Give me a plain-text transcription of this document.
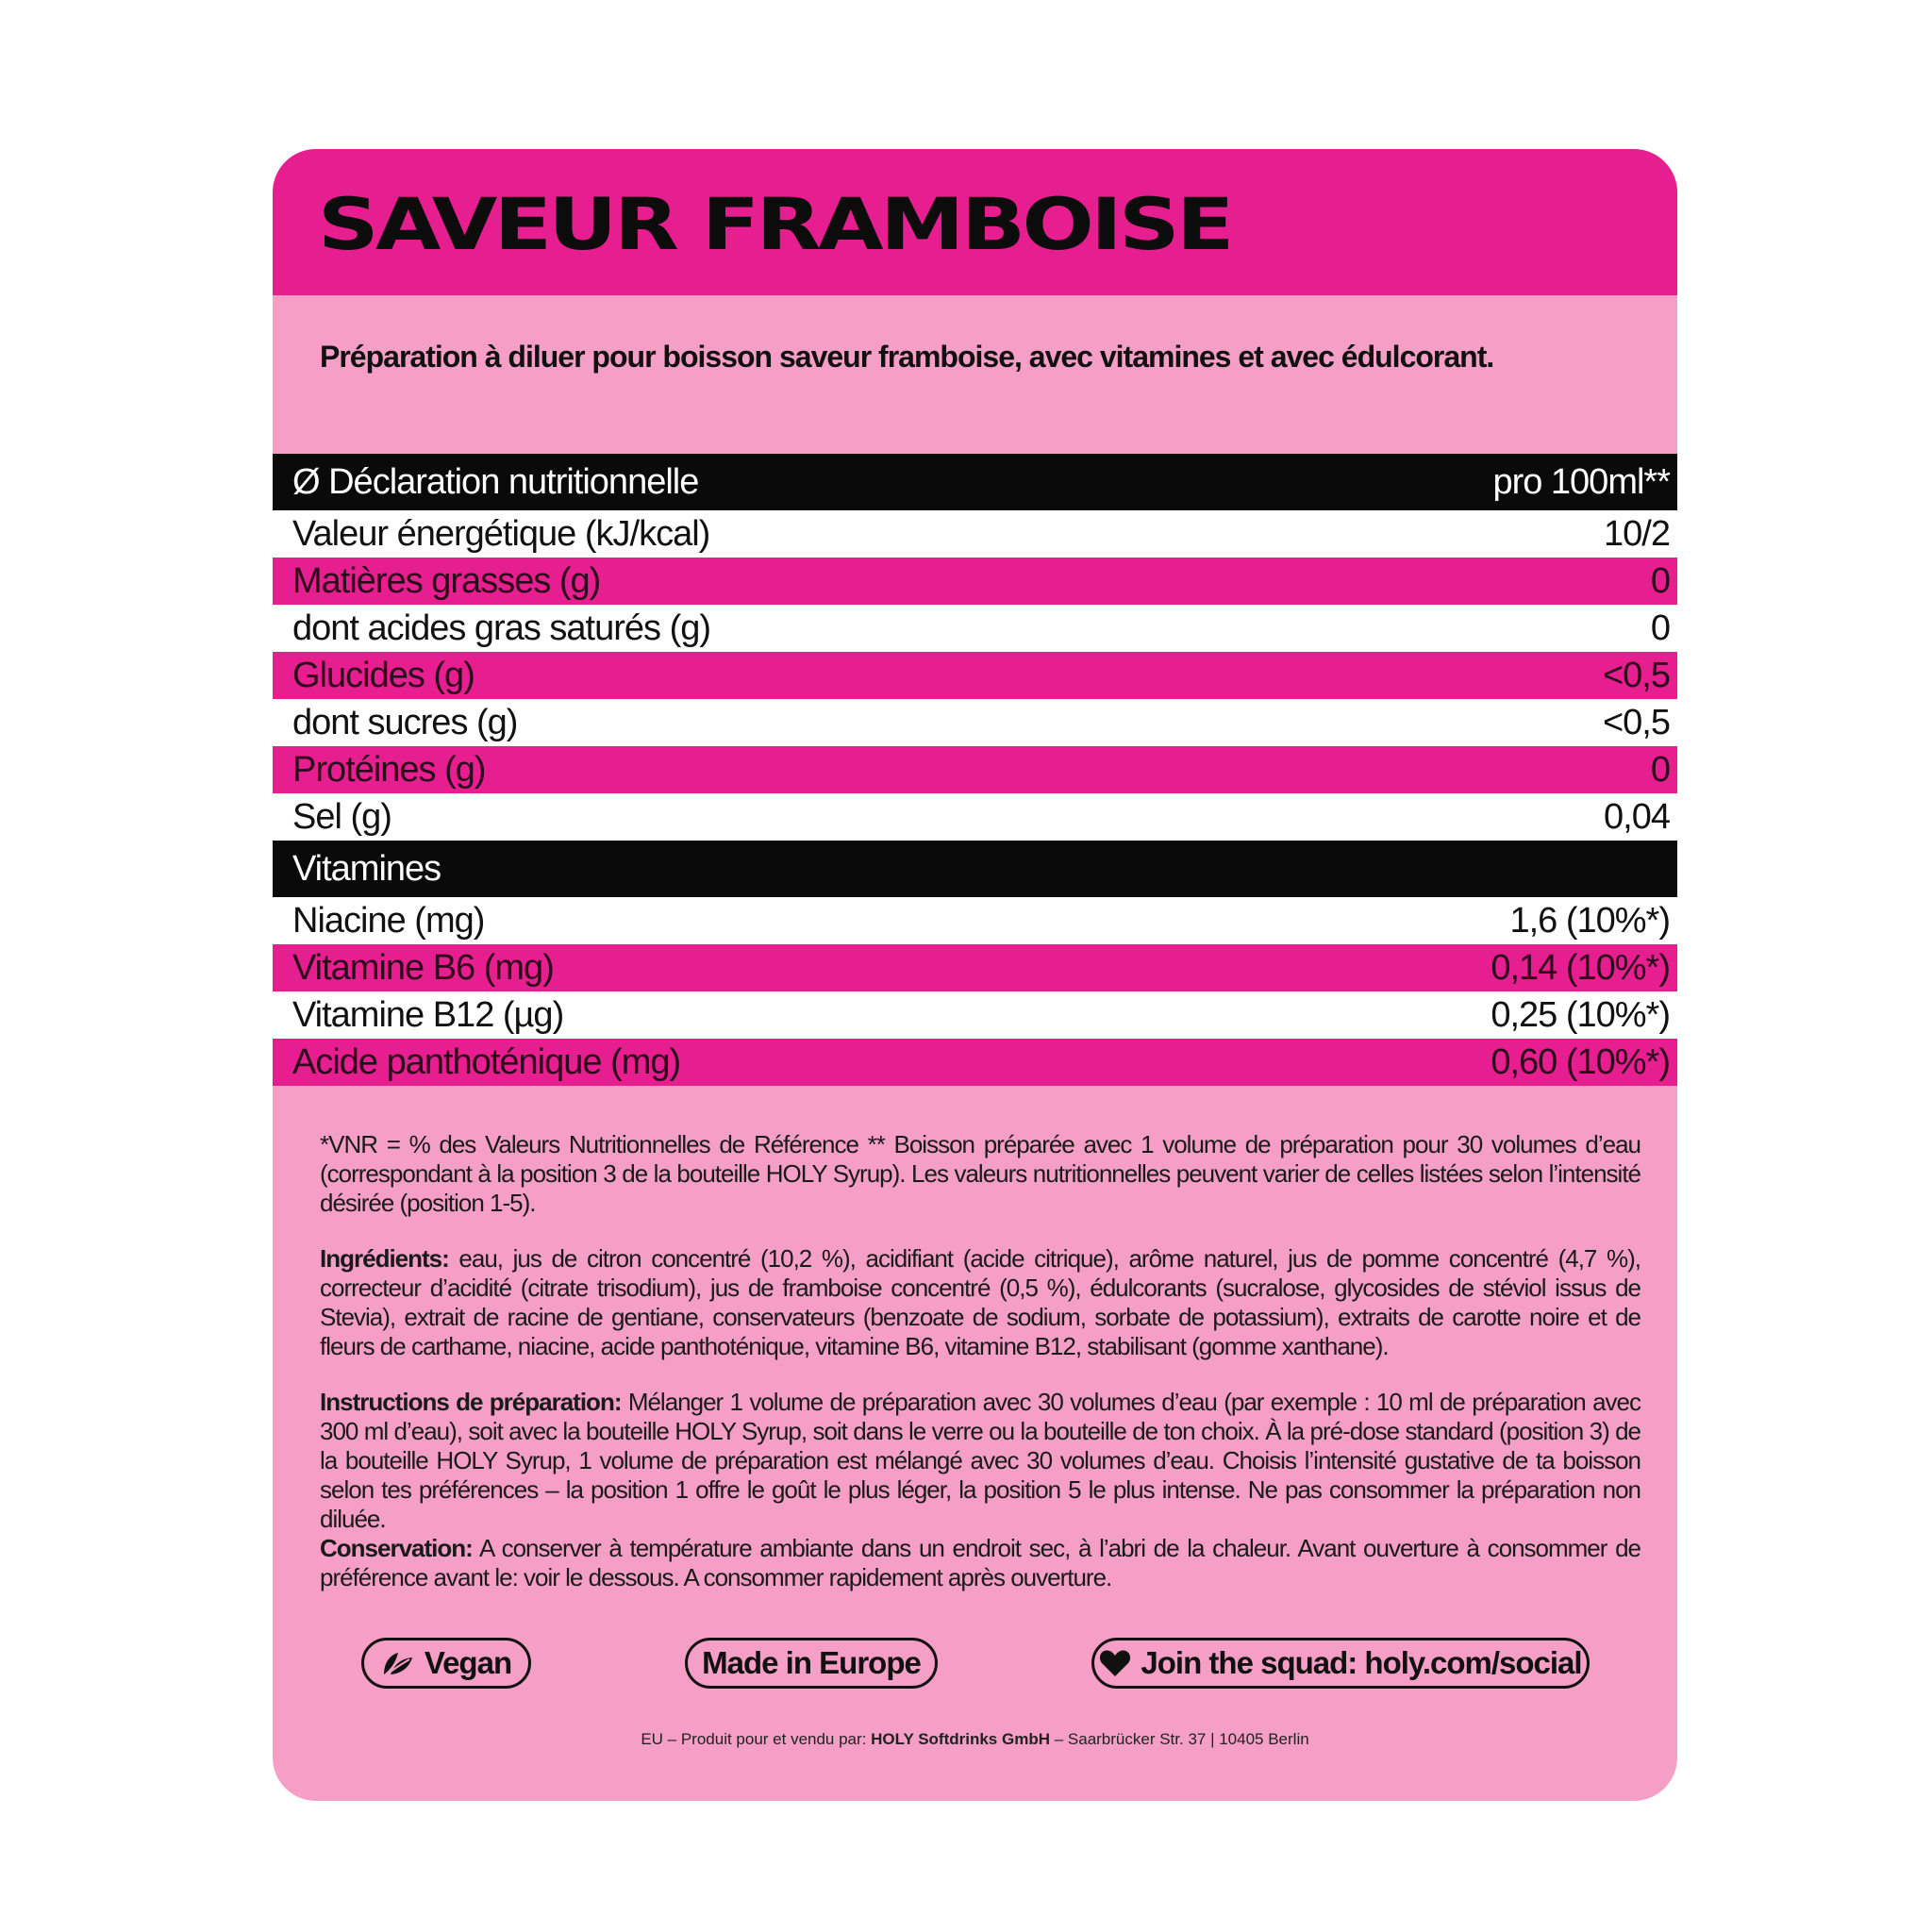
SAVEUR FRAMBOISE

Préparation à diluer pour boisson saveur framboise, avec vitamines et avec édulcorant.

Ø Déclaration nutritionnelle	pro 100ml**
Valeur énergétique (kJ/kcal)	10/2
Matières grasses (g)	0
dont acides gras saturés (g)	0
Glucides (g)	<0,5
dont sucres (g)	<0,5
Protéines (g)	0
Sel (g)	0,04
Vitamines
Niacine (mg)	1,6 (10%*)
Vitamine B6 (mg)	0,14 (10%*)
Vitamine B12 (µg)	0,25 (10%*)
Acide panthoténique (mg)	0,60 (10%*)

*VNR = % des Valeurs Nutritionnelles de Référence ** Boisson préparée avec 1 volume de préparation pour 30 volumes d’eau (correspondant à la position 3 de la bouteille HOLY Syrup). Les valeurs nutritionnelles peuvent varier de celles listées selon l’intensité désirée (position 1-5).

Ingrédients: eau, jus de citron concentré (10,2 %), acidifiant (acide citrique), arôme naturel, jus de pomme concentré (4,7 %), correcteur d’acidité (citrate trisodium), jus de framboise concentré (0,5 %), édulcorants (sucralose, glycosides de stéviol issus de Stevia), extrait de racine de gentiane, conservateurs (benzoate de sodium, sorbate de potassium), extraits de carotte noire et de fleurs de carthame, niacine, acide panthoténique, vitamine B6, vitamine B12, stabilisant (gomme xanthane).

Instructions de préparation: Mélanger 1 volume de préparation avec 30 volumes d’eau (par exemple : 10 ml de préparation avec 300 ml d’eau), soit avec la bouteille HOLY Syrup, soit dans le verre ou la bouteille de ton choix. À la pré-dose standard (position 3) de la bouteille HOLY Syrup, 1 volume de préparation est mélangé avec 30 volumes d’eau. Choisis l’intensité gustative de ta boisson selon tes préférences – la position 1 offre le goût le plus léger, la position 5 le plus intense. Ne pas consommer la préparation non diluée.

Conservation: A conserver à température ambiante dans un endroit sec, à l’abri de la chaleur. Avant ouverture à consommer de préférence avant le: voir le dessous. A consommer rapidement après ouverture.

Vegan	Made in Europe	Join the squad: holy.com/social
EU – Produit pour et vendu par: HOLY Softdrinks GmbH – Saarbrücker Str. 37 | 10405 Berlin
